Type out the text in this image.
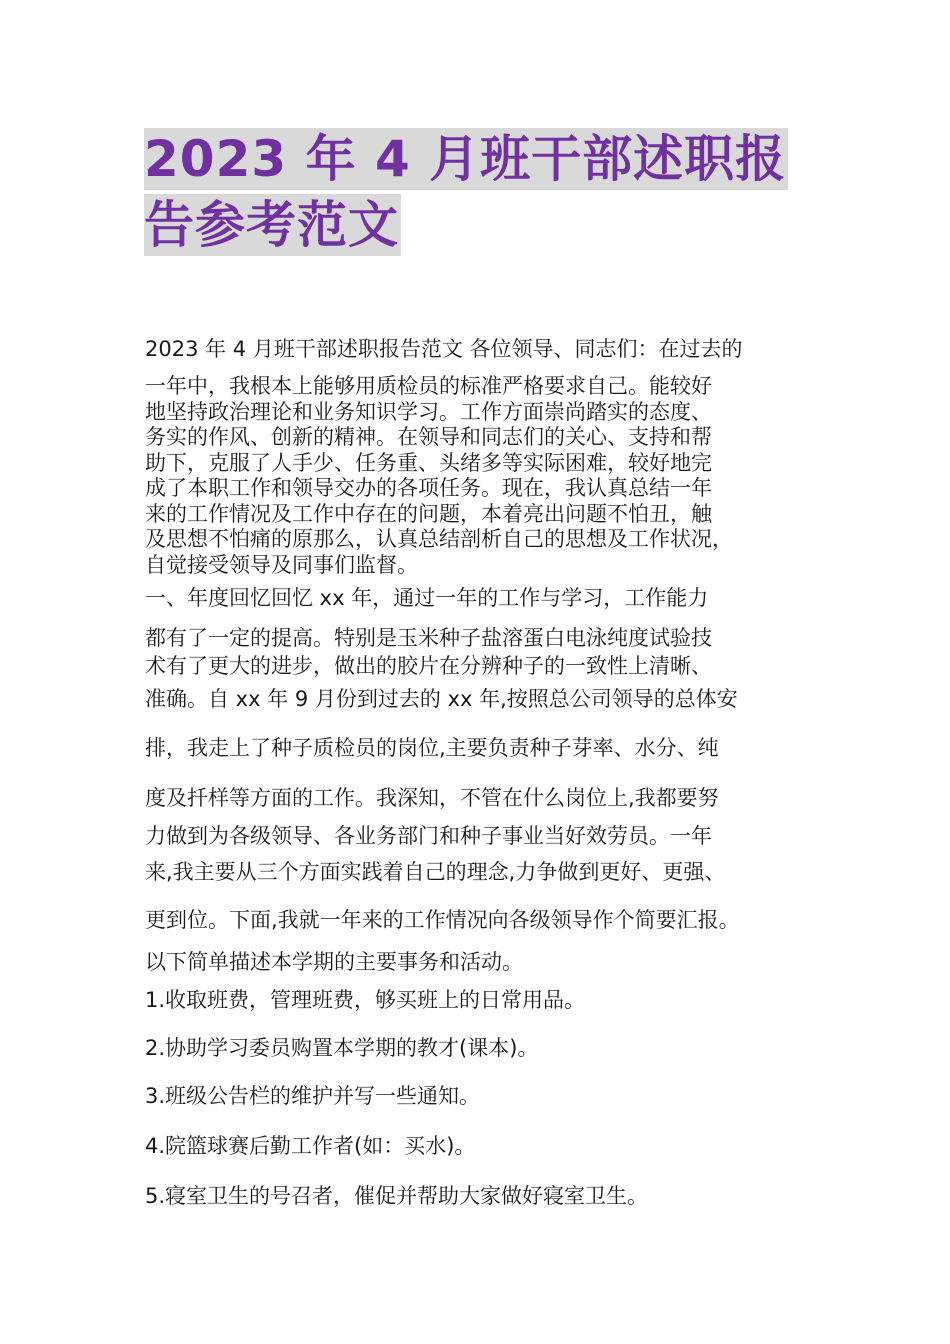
2023 年 4 月班干部述职报
告参考范文
2023 年 4 月班干部述职报告范文 各位领导、同志们：在过去的
一年中，我根本上能够用质检员的标准严格要求自己。能较好
地坚持政治理论和业务知识学习。工作方面崇尚踏实的态度、
务实的作风、创新的精神。在领导和同志们的关心、支持和帮
助下，克服了人手少、任务重、头绪多等实际困难，较好地完
成了本职工作和领导交办的各项任务。现在，我认真总结一年
来的工作情况及工作中存在的问题，本着亮出问题不怕丑，触
及思想不怕痛的原那么，认真总结剖析自己的思想及工作状况，
自觉接受领导及同事们监督。
一、年度回忆回忆 xx 年，通过一年的工作与学习，工作能力
都有了一定的提高。特别是玉米种子盐溶蛋白电泳纯度试验技
术有了更大的进步，做出的胶片在分辨种子的一致性上清晰、
准确。自 xx 年 9 月份到过去的 xx 年,按照总公司领导的总体安
排，我走上了种子质检员的岗位,主要负责种子芽率、水分、纯
度及扦样等方面的工作。我深知，不管在什么岗位上,我都要努
力做到为各级领导、各业务部门和种子事业当好效劳员。一年
来,我主要从三个方面实践着自己的理念,力争做到更好、更强、
更到位。下面,我就一年来的工作情况向各级领导作个简要汇报。
以下简单描述本学期的主要事务和活动。
1.收取班费，管理班费，够买班上的日常用品。
2.协助学习委员购置本学期的教才(课本)。
3.班级公告栏的维护并写一些通知。
4.院篮球赛后勤工作者(如：买水)。
5.寝室卫生的号召者，催促并帮助大家做好寝室卫生。
